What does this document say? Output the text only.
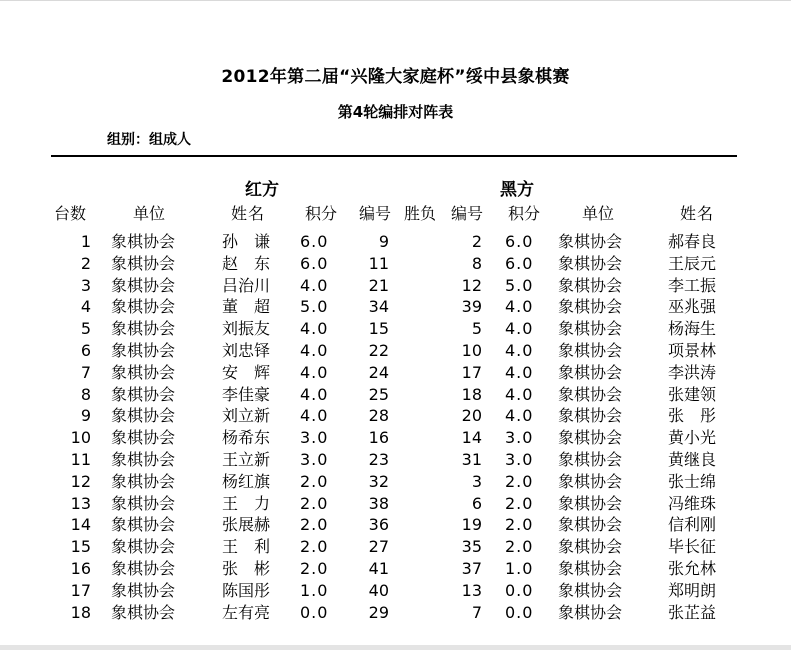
2012年第二届“兴隆大家庭杯”绥中县象棋赛
第4轮编排对阵表
组别：组成人
红方	黑方
台数	单位	姓名	积分	编号 胜负 编号	积分	单位	姓名
1 象棋协会	孙　谦	6.0	9	2 6.0	象棋协会	郝春良
2 象棋协会	赵　东	6.0	11	8 6.0	象棋协会	王辰元
3 象棋协会	吕治川	4.0	21	12 5.0	象棋协会	李工振
4 象棋协会	董　超	5.0	34	39 4.0	象棋协会	巫兆强
5 象棋协会	刘振友	4.0	15	5 4.0	象棋协会	杨海生
6 象棋协会	刘忠铎	4.0	22	10 4.0	象棋协会	项景林
7 象棋协会	安　辉	4.0	24	17 4.0	象棋协会	李洪涛
8 象棋协会	李佳豪	4.0	25	18 4.0	象棋协会	张建领
9 象棋协会	刘立新	4.0	28	20 4.0	象棋协会	张　彤
10 象棋协会	杨希东	3.0	16	14 3.0	象棋协会	黄小光
11 象棋协会	王立新	3.0	23	31 3.0	象棋协会	黄继良
12 象棋协会	杨红旗	2.0	32	3 2.0	象棋协会	张士绵
13 象棋协会	王　力	2.0	38	6 2.0	象棋协会	冯维珠
14 象棋协会	张展赫	2.0	36	19 2.0	象棋协会	信利刚
15 象棋协会	王　利	2.0	27	35 2.0	象棋协会	毕长征
16 象棋协会	张　彬	2.0	41	37 1.0	象棋协会	张允林
17 象棋协会	陈国彤	1.0	40	13 0.0	象棋协会	郑明朗
18 象棋协会	左有亮	0.0	29	7 0.0	象棋协会	张芷益
